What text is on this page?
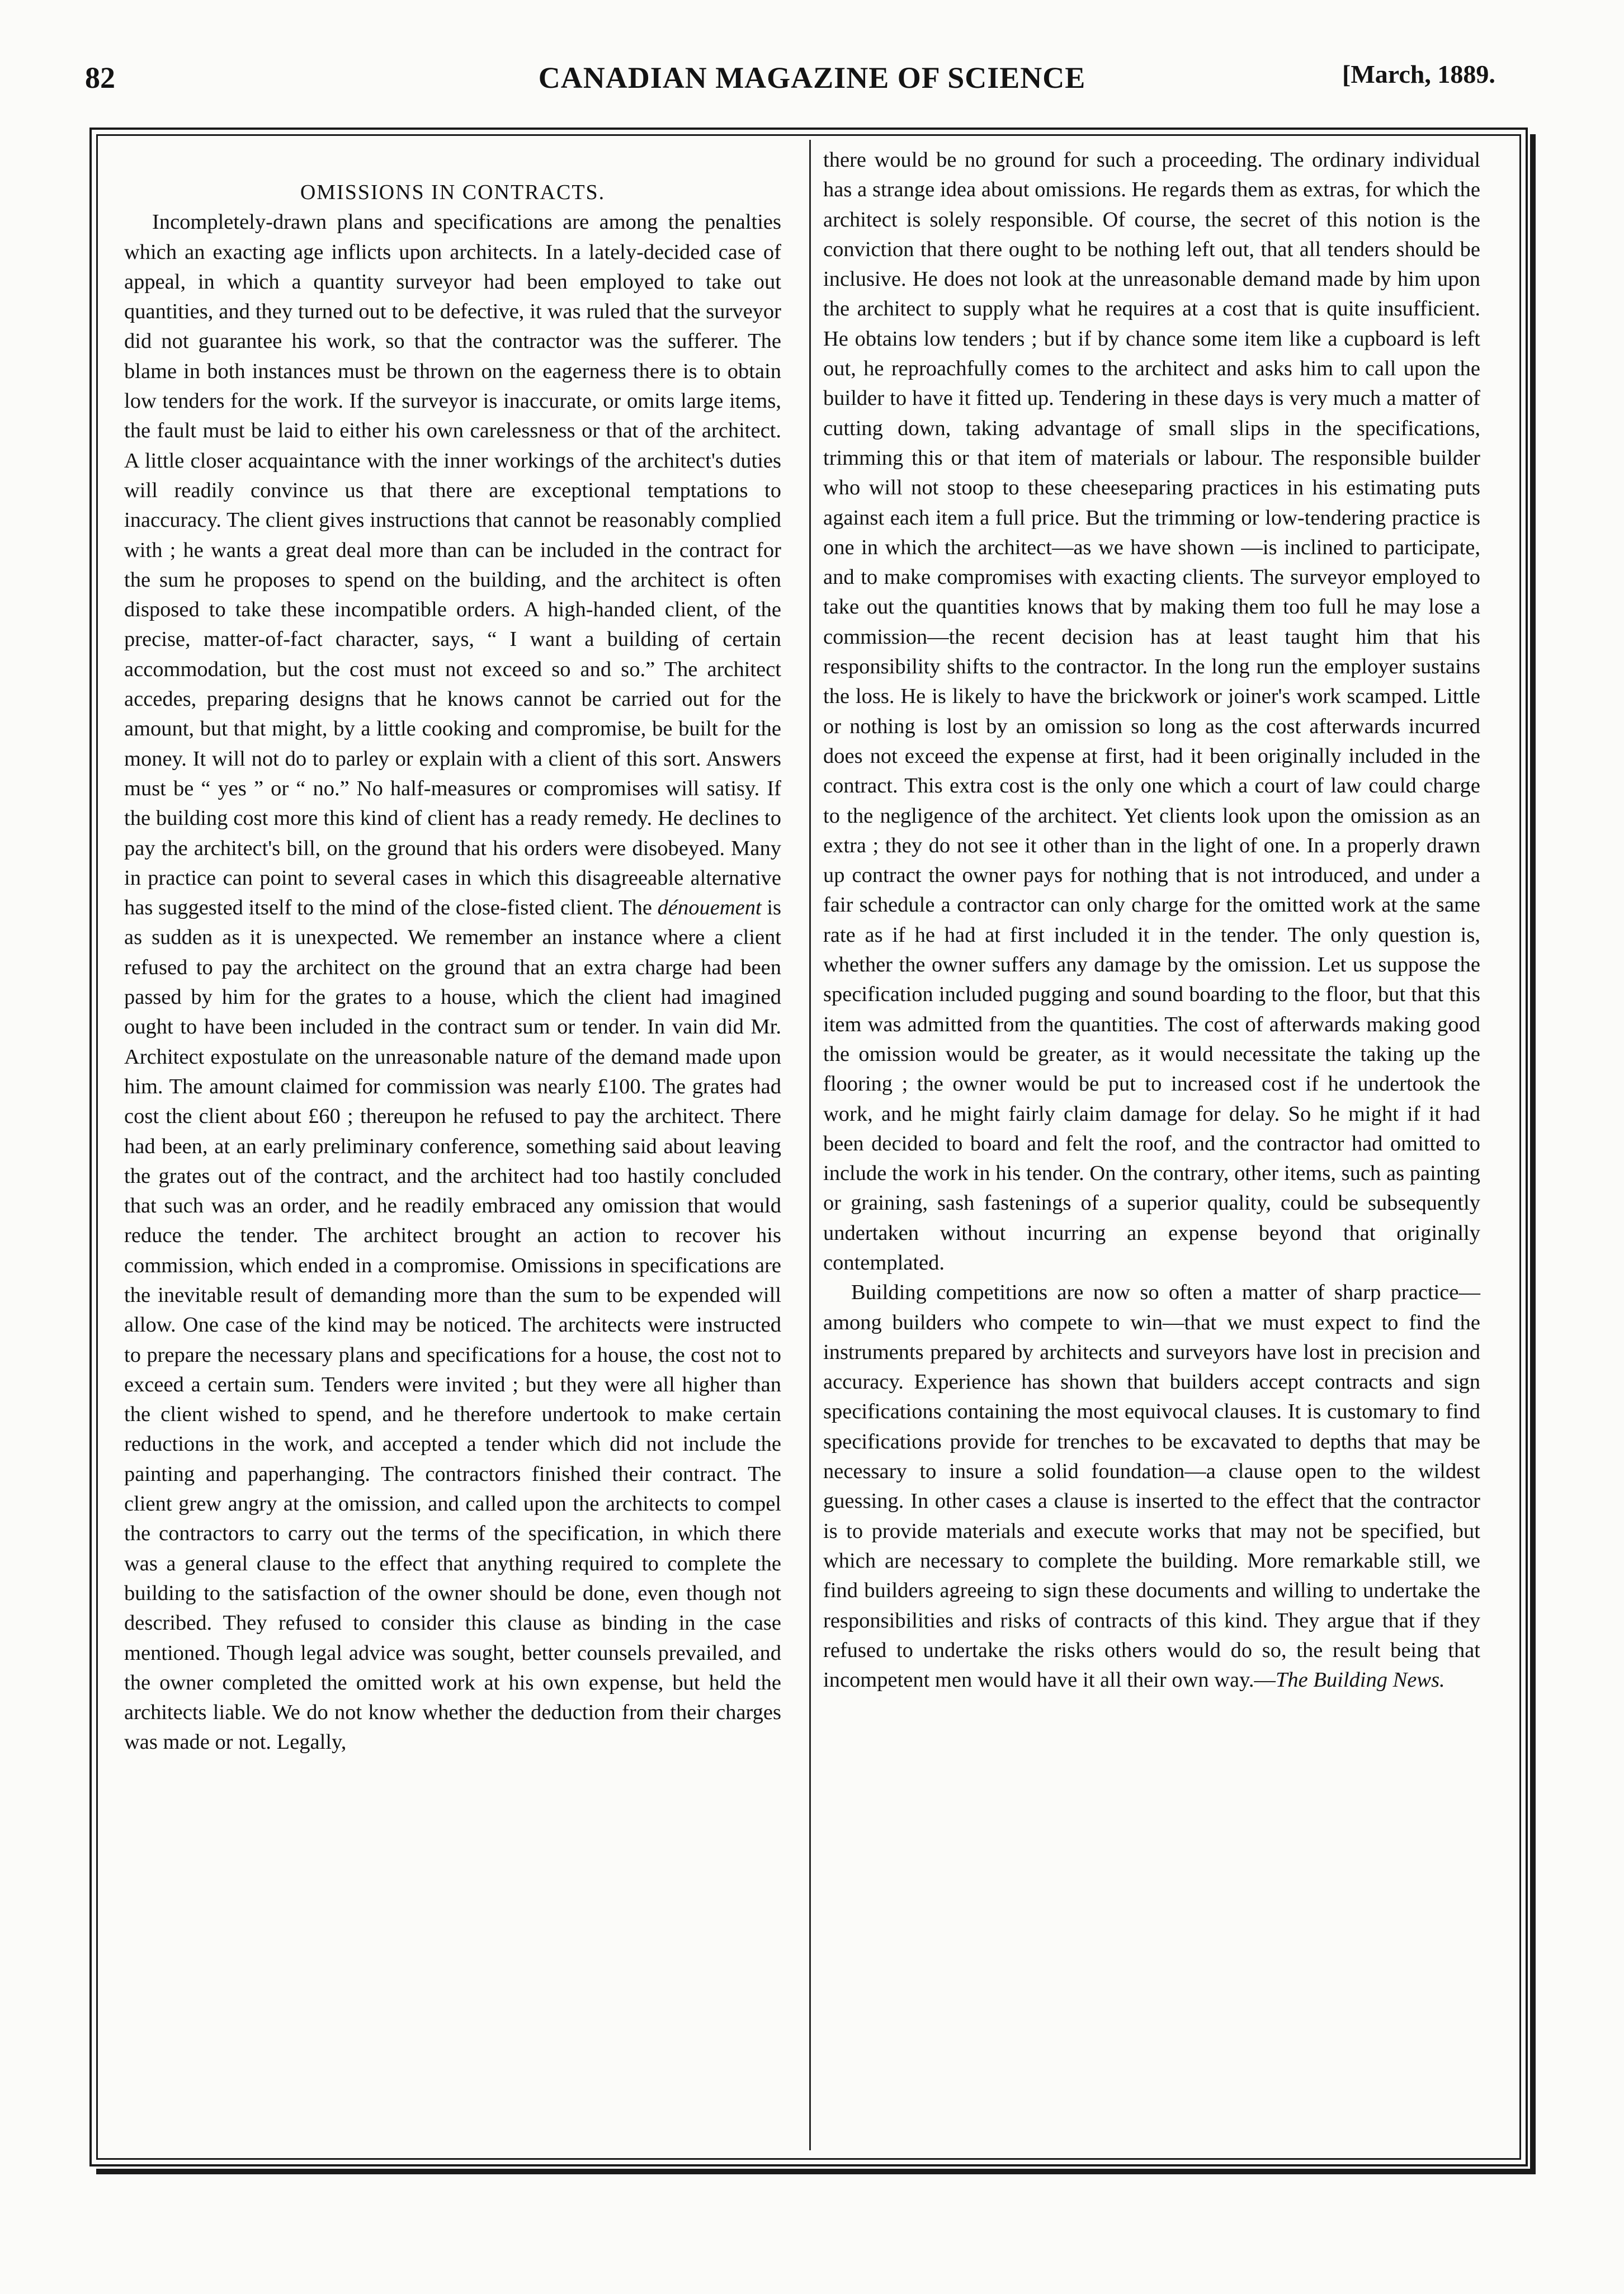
82	CANADIAN MAGAZINE OF SCIENCE	[March, 1889.

OMISSIONS IN CONTRACTS.

Incompletely-drawn plans and specifications are among the penalties which an exacting age inflicts upon architects. In a lately-decided case of appeal, in which a quantity surveyor had been employed to take out quantities, and they turned out to be defective, it was ruled that the surveyor did not guarantee his work, so that the contractor was the sufferer. The blame in both instances must be thrown on the eagerness there is to obtain low tenders for the work. If the surveyor is inaccurate, or omits large items, the fault must be laid to either his own carelessness or that of the architect. A little closer acquaintance with the inner workings of the architect's duties will readily convince us that there are exceptional temptations to inaccuracy. The client gives instructions that cannot be reasonably complied with ; he wants a great deal more than can be included in the contract for the sum he proposes to spend on the building, and the architect is often disposed to take these incompatible orders. A high-handed client, of the precise, matter-of-fact character, says, “ I want a building of certain accommodation, but the cost must not exceed so and so.” The architect accedes, preparing designs that he knows cannot be carried out for the amount, but that might, by a little cooking and compromise, be built for the money. It will not do to parley or explain with a client of this sort. Answers must be “ yes ” or “ no.” No half-measures or compromises will satisy. If the building cost more this kind of client has a ready remedy. He declines to pay the architect's bill, on the ground that his orders were disobeyed. Many in practice can point to several cases in which this disagreeable alternative has suggested itself to the mind of the close-fisted client. The dénouement is as sudden as it is unexpected. We remember an instance where a client refused to pay the architect on the ground that an extra charge had been passed by him for the grates to a house, which the client had imagined ought to have been included in the contract sum or tender. In vain did Mr. Architect expostulate on the unreasonable nature of the demand made upon him. The amount claimed for commission was nearly £100. The grates had cost the client about £60 ; thereupon he refused to pay the architect. There had been, at an early preliminary conference, something said about leaving the grates out of the contract, and the architect had too hastily concluded that such was an order, and he readily embraced any omission that would reduce the tender. The architect brought an action to recover his commission, which ended in a compromise. Omissions in specifications are the inevitable result of demanding more than the sum to be expended will allow. One case of the kind may be noticed. The architects were instructed to prepare the necessary plans and specifications for a house, the cost not to exceed a certain sum. Tenders were invited ; but they were all higher than the client wished to spend, and he therefore undertook to make certain reductions in the work, and accepted a tender which did not include the painting and paperhanging. The contractors finished their contract. The client grew angry at the omission, and called upon the architects to compel the contractors to carry out the terms of the specification, in which there was a general clause to the effect that anything required to complete the building to the satisfaction of the owner should be done, even though not described. They refused to consider this clause as binding in the case mentioned. Though legal advice was sought, better counsels prevailed, and the owner completed the omitted work at his own expense, but held the architects liable. We do not know whether the deduction from their charges was made or not. Legally,

there would be no ground for such a proceeding. The ordinary individual has a strange idea about omissions. He regards them as extras, for which the architect is solely responsible. Of course, the secret of this notion is the conviction that there ought to be nothing left out, that all tenders should be inclusive. He does not look at the unreasonable demand made by him upon the architect to supply what he requires at a cost that is quite insufficient. He obtains low tenders ; but if by chance some item like a cupboard is left out, he reproachfully comes to the architect and asks him to call upon the builder to have it fitted up. Tendering in these days is very much a matter of cutting down, taking advantage of small slips in the specifications, trimming this or that item of materials or labour. The responsible builder who will not stoop to these cheeseparing practices in his estimating puts against each item a full price. But the trimming or low-tendering practice is one in which the architect—as we have shown —is inclined to participate, and to make compromises with exacting clients. The surveyor employed to take out the quantities knows that by making them too full he may lose a commission—the recent decision has at least taught him that his responsibility shifts to the contractor. In the long run the employer sustains the loss. He is likely to have the brickwork or joiner's work scamped. Little or nothing is lost by an omission so long as the cost afterwards incurred does not exceed the expense at first, had it been originally included in the contract. This extra cost is the only one which a court of law could charge to the negligence of the architect. Yet clients look upon the omission as an extra ; they do not see it other than in the light of one. In a properly drawn up contract the owner pays for nothing that is not introduced, and under a fair schedule a contractor can only charge for the omitted work at the same rate as if he had at first included it in the tender. The only question is, whether the owner suffers any damage by the omission. Let us suppose the specification included pugging and sound boarding to the floor, but that this item was admitted from the quantities. The cost of afterwards making good the omission would be greater, as it would necessitate the taking up the flooring ; the owner would be put to increased cost if he undertook the work, and he might fairly claim damage for delay. So he might if it had been decided to board and felt the roof, and the contractor had omitted to include the work in his tender. On the contrary, other items, such as painting or graining, sash fastenings of a superior quality, could be subsequently undertaken without incurring an expense beyond that originally contemplated.

Building competitions are now so often a matter of sharp practice—among builders who compete to win—that we must expect to find the instruments prepared by architects and surveyors have lost in precision and accuracy. Experience has shown that builders accept contracts and sign specifications containing the most equivocal clauses. It is customary to find specifications provide for trenches to be excavated to depths that may be necessary to insure a solid foundation—a clause open to the wildest guessing. In other cases a clause is inserted to the effect that the contractor is to provide materials and execute works that may not be specified, but which are necessary to complete the building. More remarkable still, we find builders agreeing to sign these documents and willing to undertake the responsibilities and risks of contracts of this kind. They argue that if they refused to undertake the risks others would do so, the result being that incompetent men would have it all their own way.—The Building News.
